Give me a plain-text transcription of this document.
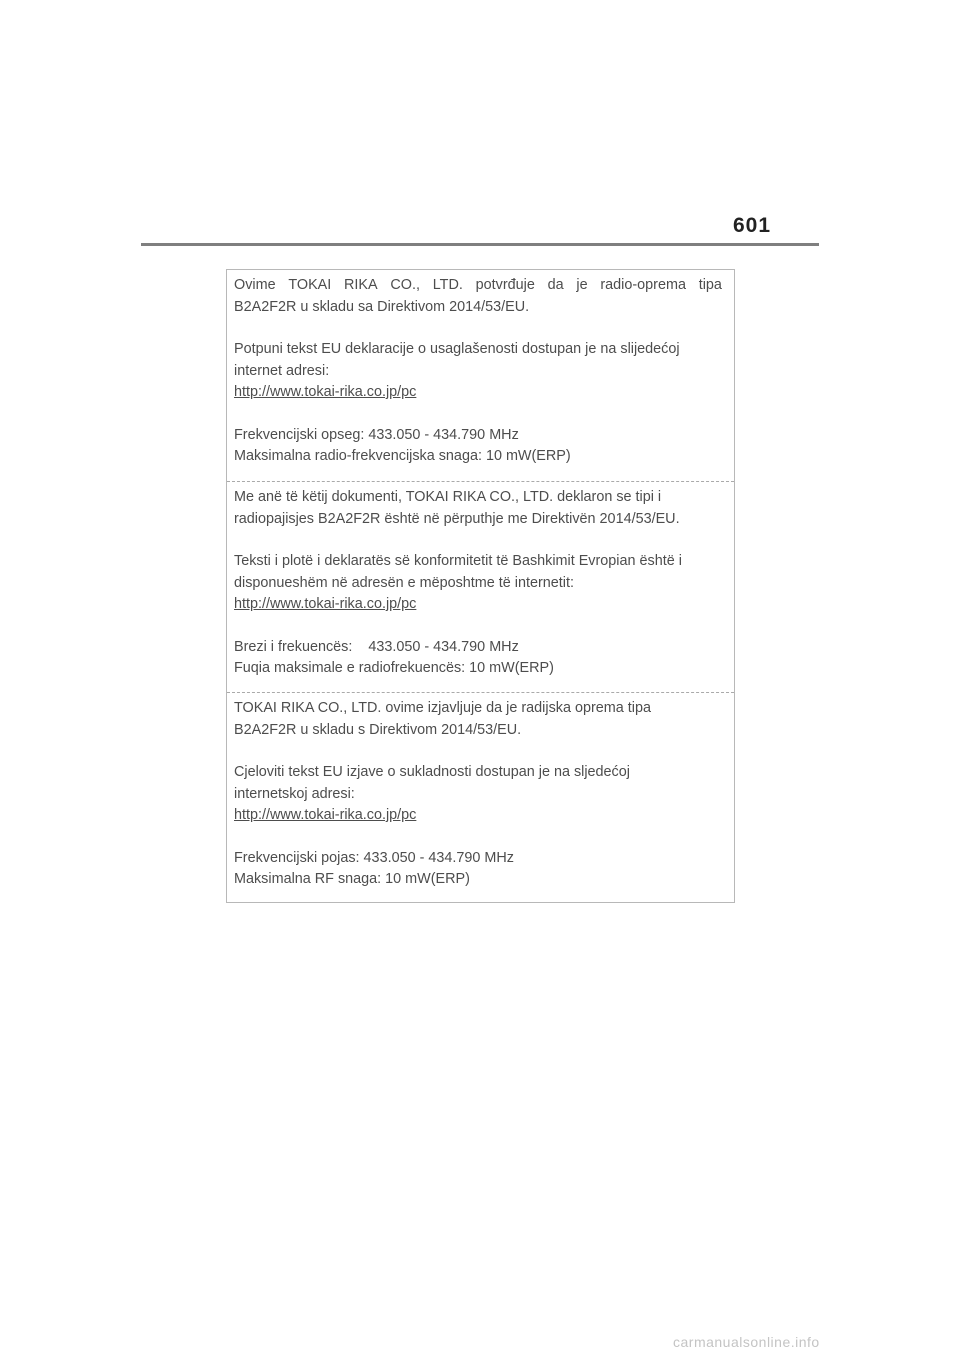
601
Ovime TOKAI RIKA CO., LTD. potvrđuje da je radio-oprema tipa
B2A2F2R u skladu sa Direktivom 2014/53/EU.
Potpuni tekst EU deklaracije o usaglašenosti dostupan je na slijedećoj
internet adresi:
http://www.tokai-rika.co.jp/pc
Frekvencijski opseg: 433.050 - 434.790 MHz
Maksimalna radio-frekvencijska snaga: 10 mW(ERP)
Me anë të këtij dokumenti, TOKAI RIKA CO., LTD. deklaron se tipi i
radiopajisjes B2A2F2R është në përputhje me Direktivën 2014/53/EU.
Teksti i plotë i deklaratës së konformitetit të Bashkimit Evropian është i
disponueshëm në adresën e mëposhtme të internetit:
http://www.tokai-rika.co.jp/pc
Brezi i frekuencës:    433.050 - 434.790 MHz
Fuqia maksimale e radiofrekuencës: 10 mW(ERP)
TOKAI RIKA CO., LTD. ovime izjavljuje da je radijska oprema tipa
B2A2F2R u skladu s Direktivom 2014/53/EU.
Cjeloviti tekst EU izjave o sukladnosti dostupan je na sljedećoj
internetskoj adresi:
http://www.tokai-rika.co.jp/pc
Frekvencijski pojas: 433.050 - 434.790 MHz
Maksimalna RF snaga: 10 mW(ERP)
carmanualsonline.info
